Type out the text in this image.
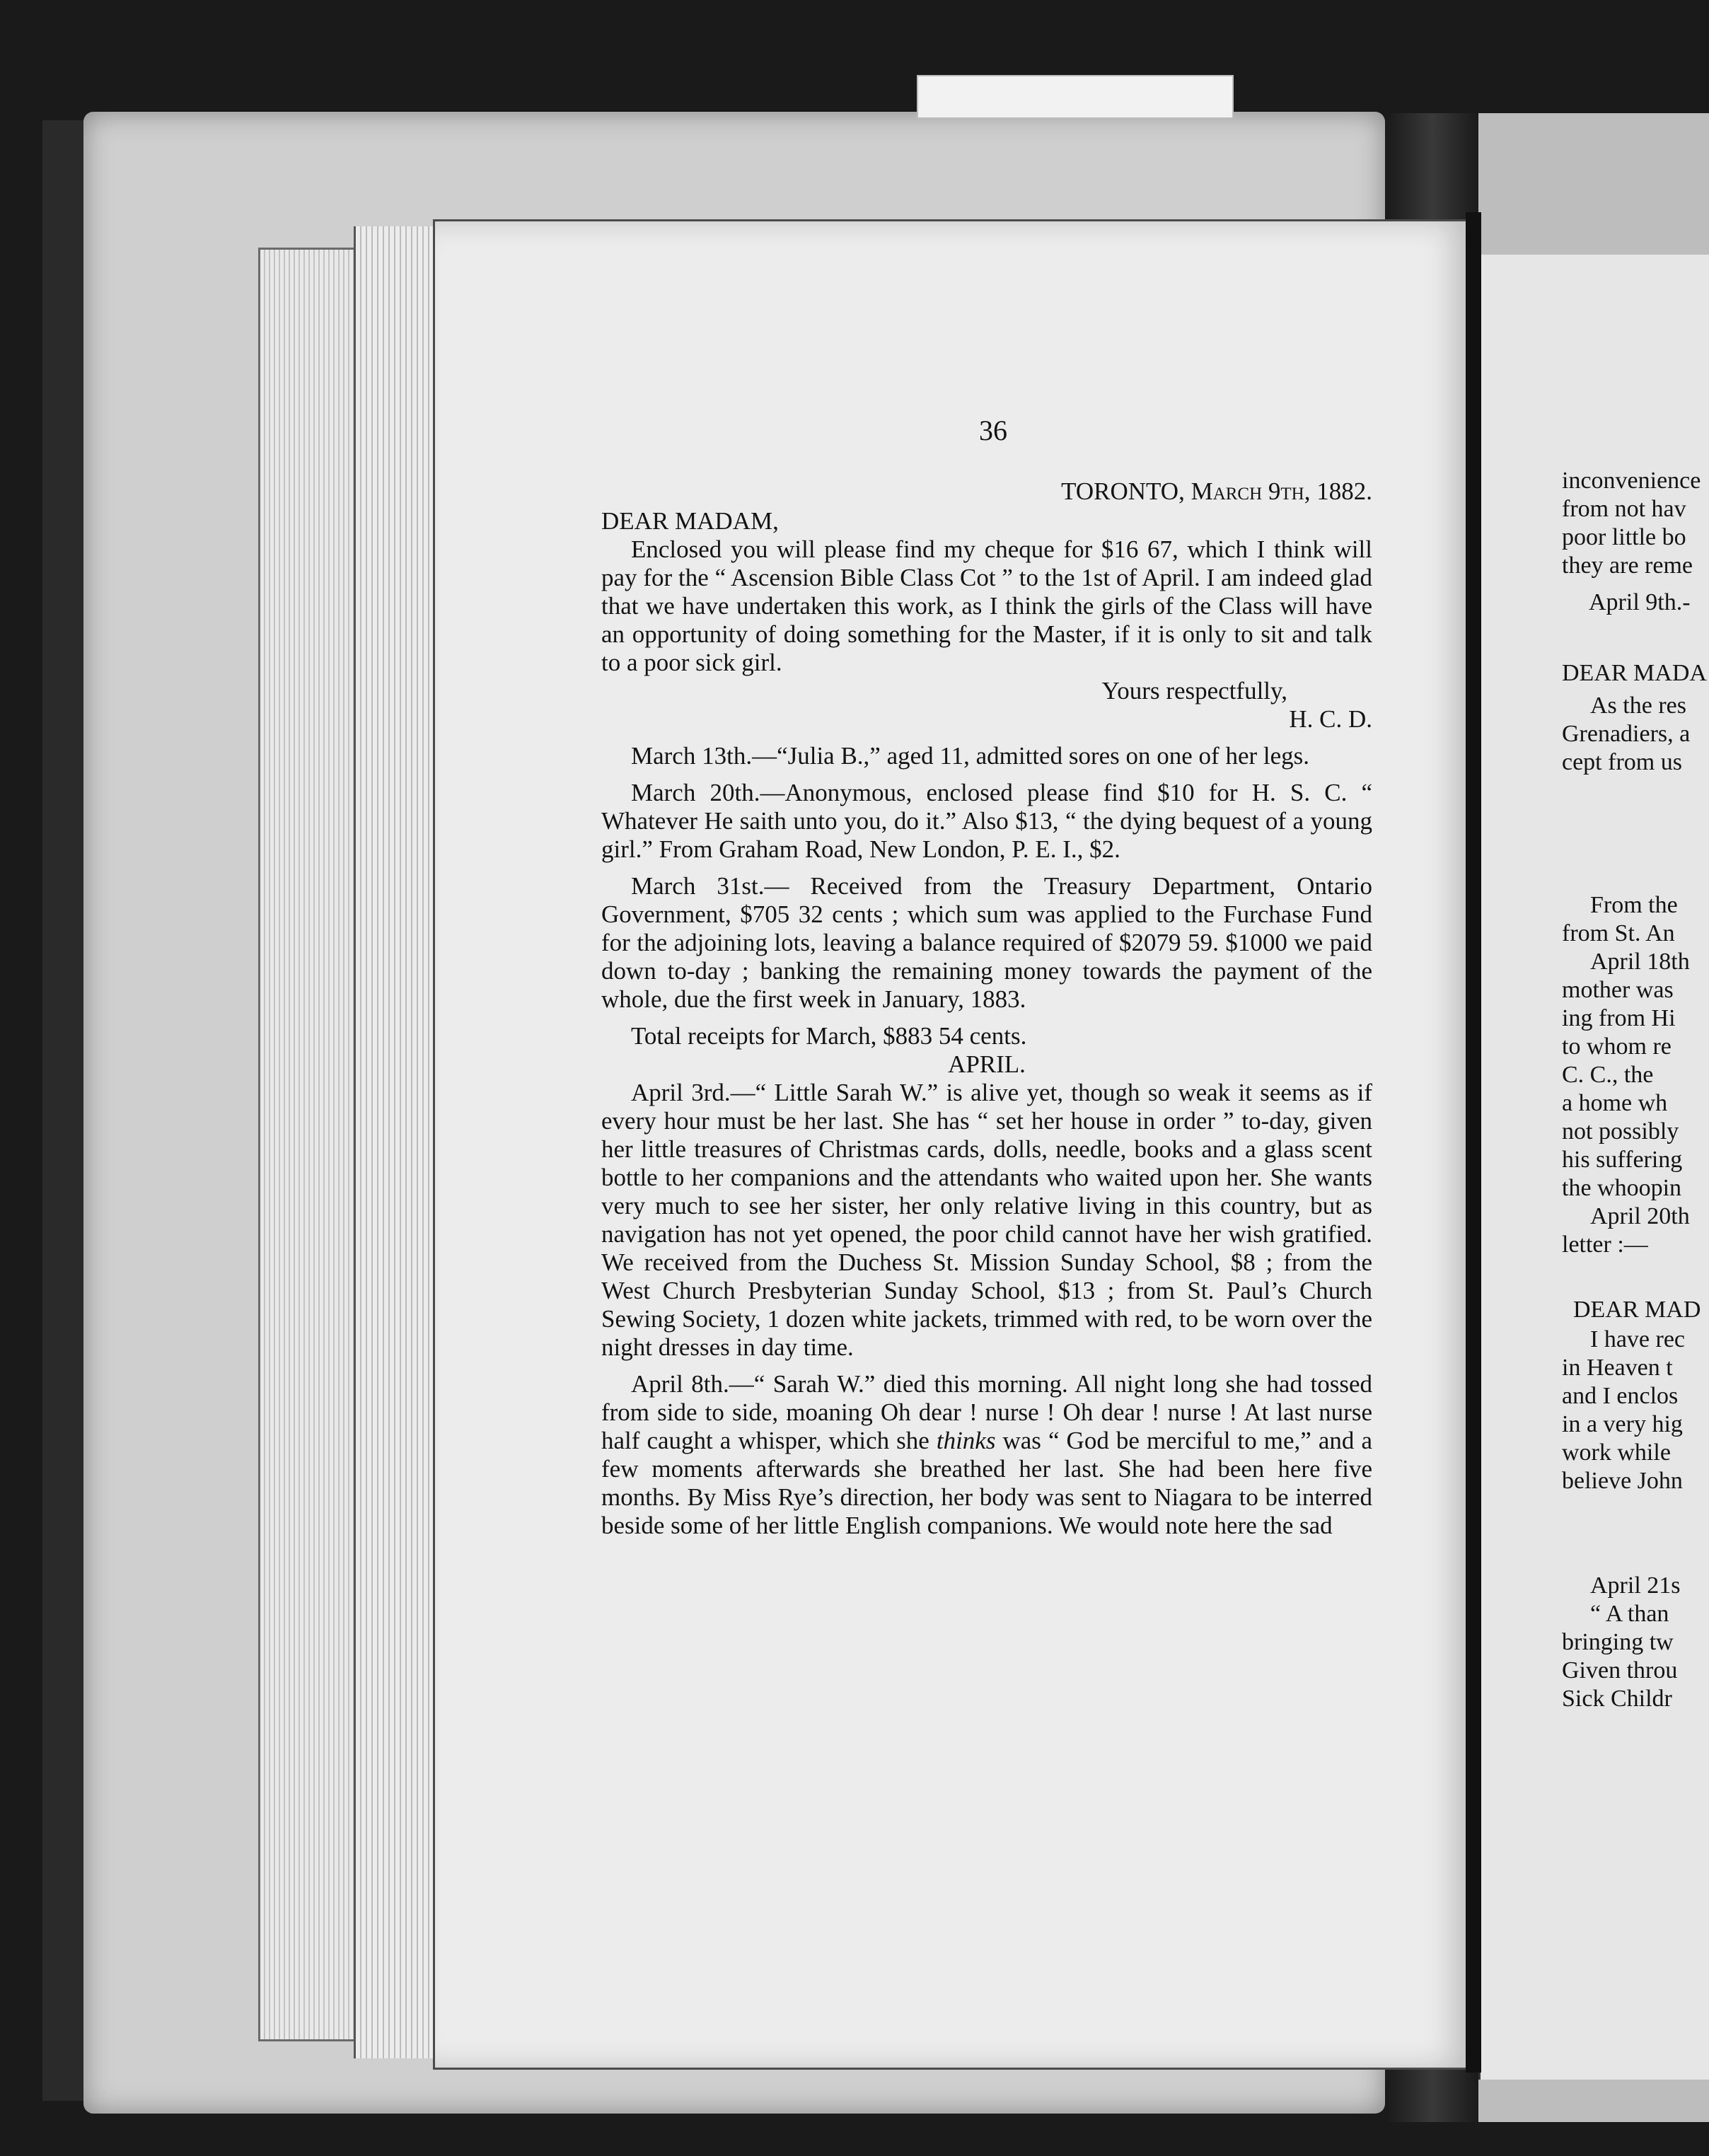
36

TORONTO, March 9th, 1882.

DEAR MADAM,

Enclosed you will please find my cheque for $16 67, which I think will pay for the “ Ascension Bible Class Cot ” to the 1st of April. I am indeed glad that we have undertaken this work, as I think the girls of the Class will have an opportunity of doing something for the Master, if it is only to sit and talk to a poor sick girl.

Yours respectfully,

H. C. D.

March 13th.—“Julia B.,” aged 11, admitted sores on one of her legs.

March 20th.—Anonymous, enclosed please find $10 for H. S. C. “ Whatever He saith unto you, do it.” Also $13, “ the dying bequest of a young girl.” From Graham Road, New London, P. E. I., $2.

March 31st.— Received from the Treasury Department, Ontario Government, $705 32 cents ; which sum was applied to the Furchase Fund for the adjoining lots, leaving a balance required of $2079 59. $1000 we paid down to-day ; banking the remaining money towards the payment of the whole, due the first week in January, 1883.

Total receipts for March, $883 54 cents.

APRIL.

April 3rd.—“ Little Sarah W.” is alive yet, though so weak it seems as if every hour must be her last. She has “ set her house in order ” to-day, given her little treasures of Christmas cards, dolls, needle, books and a glass scent bottle to her companions and the attendants who waited upon her. She wants very much to see her sister, her only relative living in this country, but as navigation has not yet opened, the poor child cannot have her wish gratified. We received from the Duchess St. Mission Sunday School, $8 ; from the West Church Presbyterian Sunday School, $13 ; from St. Paul’s Church Sewing Society, 1 dozen white jackets, trimmed with red, to be worn over the night dresses in day time.

April 8th.—“ Sarah W.” died this morning. All night long she had tossed from side to side, moaning Oh dear ! nurse ! Oh dear ! nurse ! At last nurse half caught a whisper, which she thinks was “ God be merciful to me,” and a few moments afterwards she breathed her last. She had been here five months. By Miss Rye’s direction, her body was sent to Niagara to be interred beside some of her little English companions. We would note here the sad

inconvenience
from not hav
poor little bo
they are reme
April 9th.-
DEAR MADA
As the res
Grenadiers, a
cept from us
From the
from St. An
April 18th
mother was
ing from Hi
to whom re
C. C., the
a home wh
not possibly
his suffering
the whoopin
April 20th
letter :—
DEAR MAD
I have rec
in Heaven t
and I enclos
in a very hig
work while
believe John
April 21s
“ A than
bringing tw
Given throu
Sick Childr
